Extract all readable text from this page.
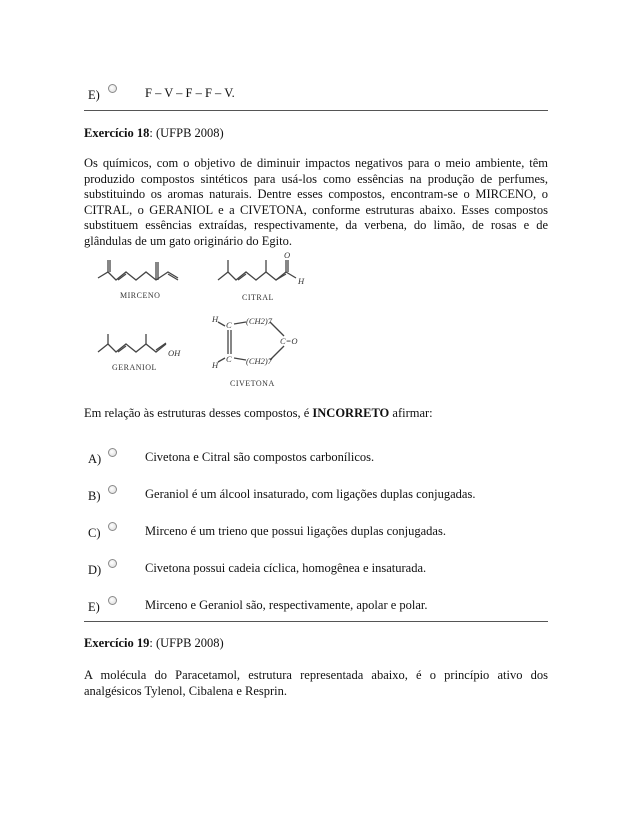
E)	F – V – F – F – V.
Exercício 18: (UFPB 2008)
Os químicos, com o objetivo de diminuir impactos negativos para o meio ambiente, têm produzido compostos sintéticos para usá-los como essências na produção de perfumes, substituindo os aromas naturais. Dentre esses compostos, encontram-se o MIRCENO, o CITRAL, o GERANIOL e a CIVETONA, conforme estruturas abaixo. Esses compostos substituem essências extraídas, respectivamente, da verbena, do limão, de rosas e de glândulas de um gato originário do Egito.
O
H
OH
H
C (CH2)7
C=O
C
H	(CH2)7
MIRCENO	CITRAL
GERANIOL
CIVETONA
Em relação às estruturas desses compostos, é INCORRETO afirmar:
A)	Civetona e Citral são compostos carbonílicos.
B)	Geraniol é um álcool insaturado, com ligações duplas conjugadas.
C)	Mirceno é um trieno que possui ligações duplas conjugadas.
D)	Civetona possui cadeia cíclica, homogênea e insaturada.
E)	Mirceno e Geraniol são, respectivamente, apolar e polar.
Exercício 19: (UFPB 2008)
A molécula do Paracetamol, estrutura representada abaixo, é o princípio ativo dos analgésicos Tylenol, Cibalena e Resprin.
